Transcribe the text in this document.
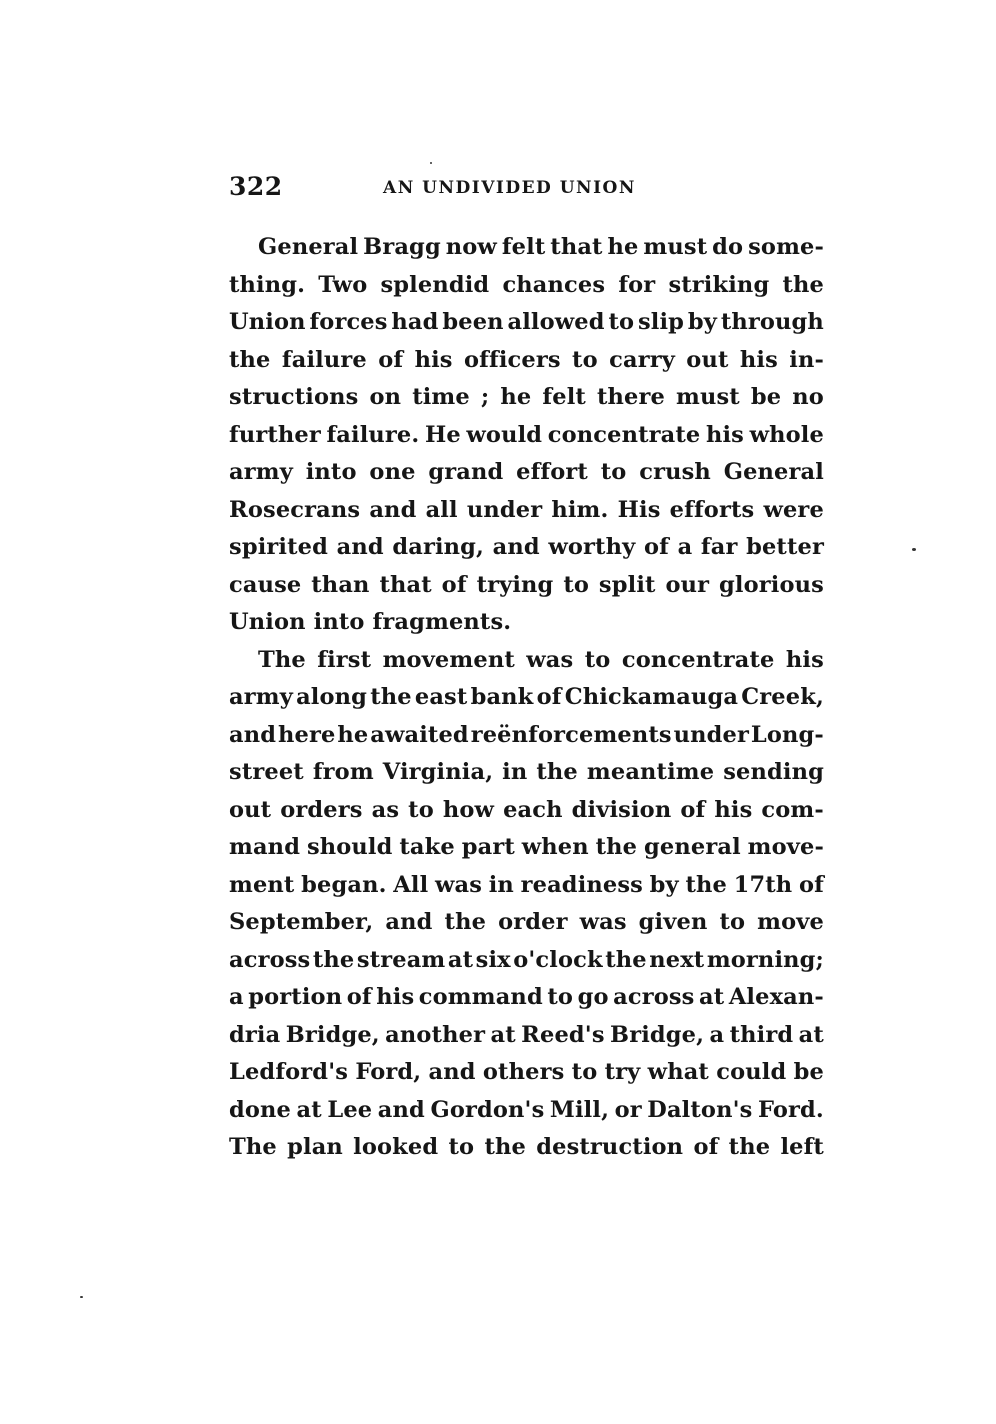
322	AN UNDIVIDED UNION
General Bragg now felt that he must do some-
thing. Two splendid chances for striking the
Union forces had been allowed to slip by through
the failure of his officers to carry out his in-
structions on time ; he felt there must be no
further failure. He would concentrate his whole
army into one grand effort to crush General
Rosecrans and all under him. His efforts were
spirited and daring, and worthy of a far better
cause than that of trying to split our glorious
Union
into
fragments.

The first movement was to concentrate his
army along the east bank of Chickamauga Creek,
and here he awaited reënforcements under Long-
street from Virginia, in the meantime sending
out orders as to how each division of his com-
mand should take part when the general move-
ment began. All was in readiness by the 17th of
September, and the order was given to move
across the stream at six o'clock the next morning;
a portion of his command to go across at Alexan-
dria Bridge, another at Reed's Bridge, a third at
Ledford's Ford, and others to try what could be
done at Lee and Gordon's Mill, or Dalton's Ford.
The plan looked to the destruction of the left
